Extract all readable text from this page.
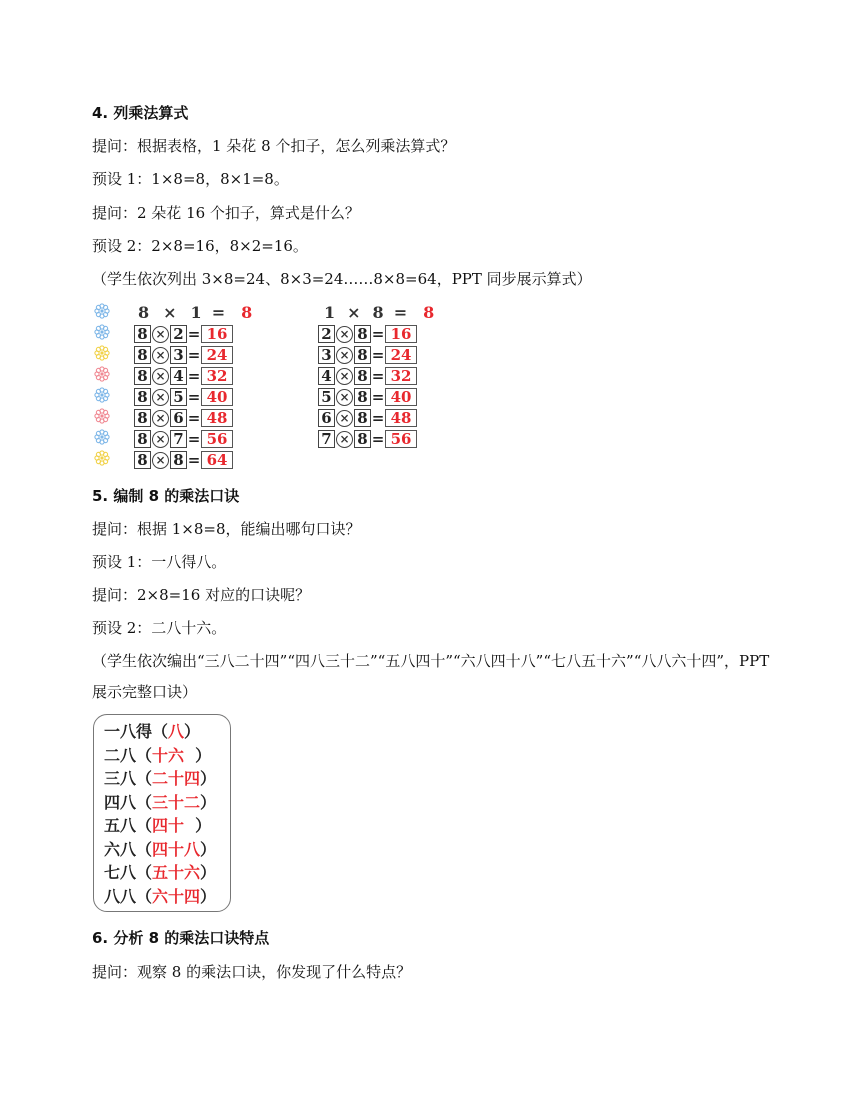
4. 列乘法算式
提问：根据表格，1 朵花 8 个扣子，怎么列乘法算式？
预设 1：1×8=8，8×1=8。
提问：2 朵花 16 个扣子，算式是什么？
预设 2：2×8=16，8×2=16。
（学生依次列出 3×8=24、8×3=24……8×8=64，PPT 同步展示算式）
8 × 1 = 8
8 × 2 = 16
8 × 3 = 24
8 × 4 = 32
8 × 5 = 40
8 × 6 = 48
8 × 7 = 56
8 × 8 = 64
1 × 8 = 8
2 × 8 = 16
3 × 8 = 24
4 × 8 = 32
5 × 8 = 40
6 × 8 = 48
7 × 8 = 56
5. 编制 8 的乘法口诀
提问：根据 1×8=8，能编出哪句口诀？
预设 1：一八得八。
提问：2×8=16 对应的口诀呢？
预设 2：二八十六。
（学生依次编出“三八二十四”“四八三十二”“五八四十”“六八四十八”“七八五十六”“八八六十四”，PPT 展示完整口诀）
一八得（八）
二八（十六  ）
三八（二十四）
四八（三十二）
五八（四十  ）
六八（四十八）
七八（五十六）
八八（六十四）
6. 分析 8 的乘法口诀特点
提问：观察 8 的乘法口诀，你发现了什么特点？
